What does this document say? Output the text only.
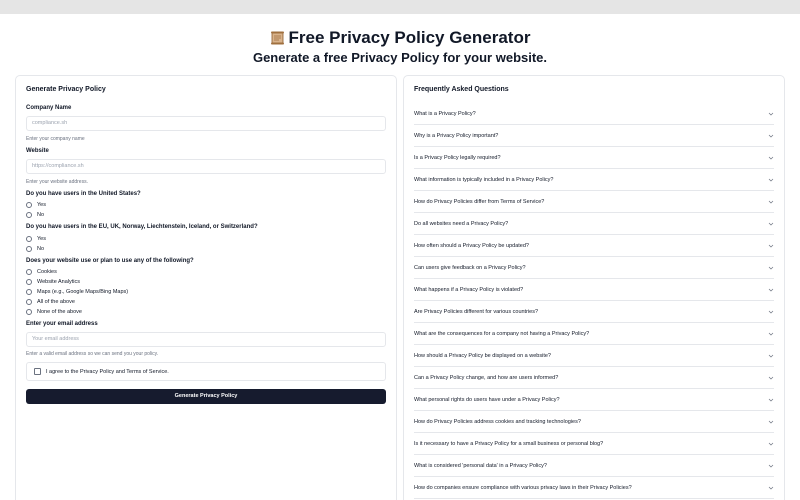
Free Privacy Policy Generator
Generate a free Privacy Policy for your website.
Generate Privacy Policy
Company Name
compliance.sh
Enter your company name
Website
https://compliance.sh
Enter your website address.
Do you have users in the United States?
Yes
No
Do you have users in the EU, UK, Norway, Liechtenstein, Iceland, or Switzerland?
Yes
No
Does your website use or plan to use any of the following?
Cookies
Website Analytics
Maps (e.g., Google Maps/Bing Maps)
All of the above
None of the above
Enter your email address
Your email address
Enter a valid email address so we can send you your policy.
I agree to the Privacy Policy and Terms of Service.
Generate Privacy Policy
Frequently Asked Questions
What is a Privacy Policy?
Why is a Privacy Policy important?
Is a Privacy Policy legally required?
What information is typically included in a Privacy Policy?
How do Privacy Policies differ from Terms of Service?
Do all websites need a Privacy Policy?
How often should a Privacy Policy be updated?
Can users give feedback on a Privacy Policy?
What happens if a Privacy Policy is violated?
Are Privacy Policies different for various countries?
What are the consequences for a company not having a Privacy Policy?
How should a Privacy Policy be displayed on a website?
Can a Privacy Policy change, and how are users informed?
What personal rights do users have under a Privacy Policy?
How do Privacy Policies address cookies and tracking technologies?
Is it necessary to have a Privacy Policy for a small business or personal blog?
What is considered 'personal data' in a Privacy Policy?
How do companies ensure compliance with various privacy laws in their Privacy Policies?
